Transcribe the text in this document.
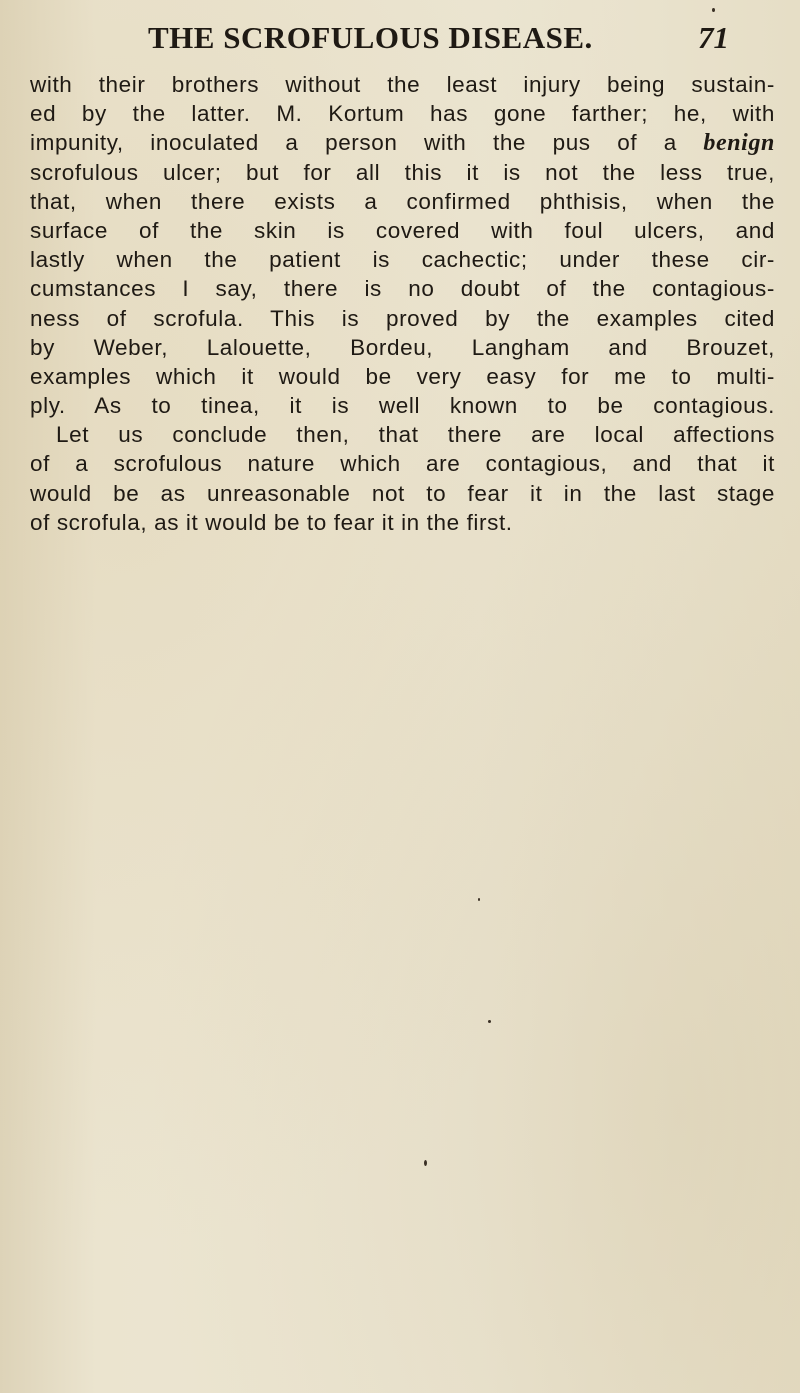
THE SCROFULOUS DISEASE.	71
with their brothers without the least injury being sustain-
ed by the latter. M. Kortum has gone farther; he, with
impunity, inoculated a person with the pus of a benign
scrofulous ulcer; but for all this it is not the less true,
that, when there exists a confirmed phthisis, when the
surface of the skin is covered with foul ulcers, and
lastly when the patient is cachectic; under these cir-
cumstances I say, there is no doubt of the contagious-
ness of scrofula. This is proved by the examples cited
by Weber, Lalouette, Bordeu, Langham and Brouzet,
examples which it would be very easy for me to multi-
ply. As to tinea, it is well known to be contagious.
Let us conclude then, that there are local affections
of a scrofulous nature which are contagious, and that it
would be as unreasonable not to fear it in the last stage
of scrofula, as it would be to fear it in the first.
